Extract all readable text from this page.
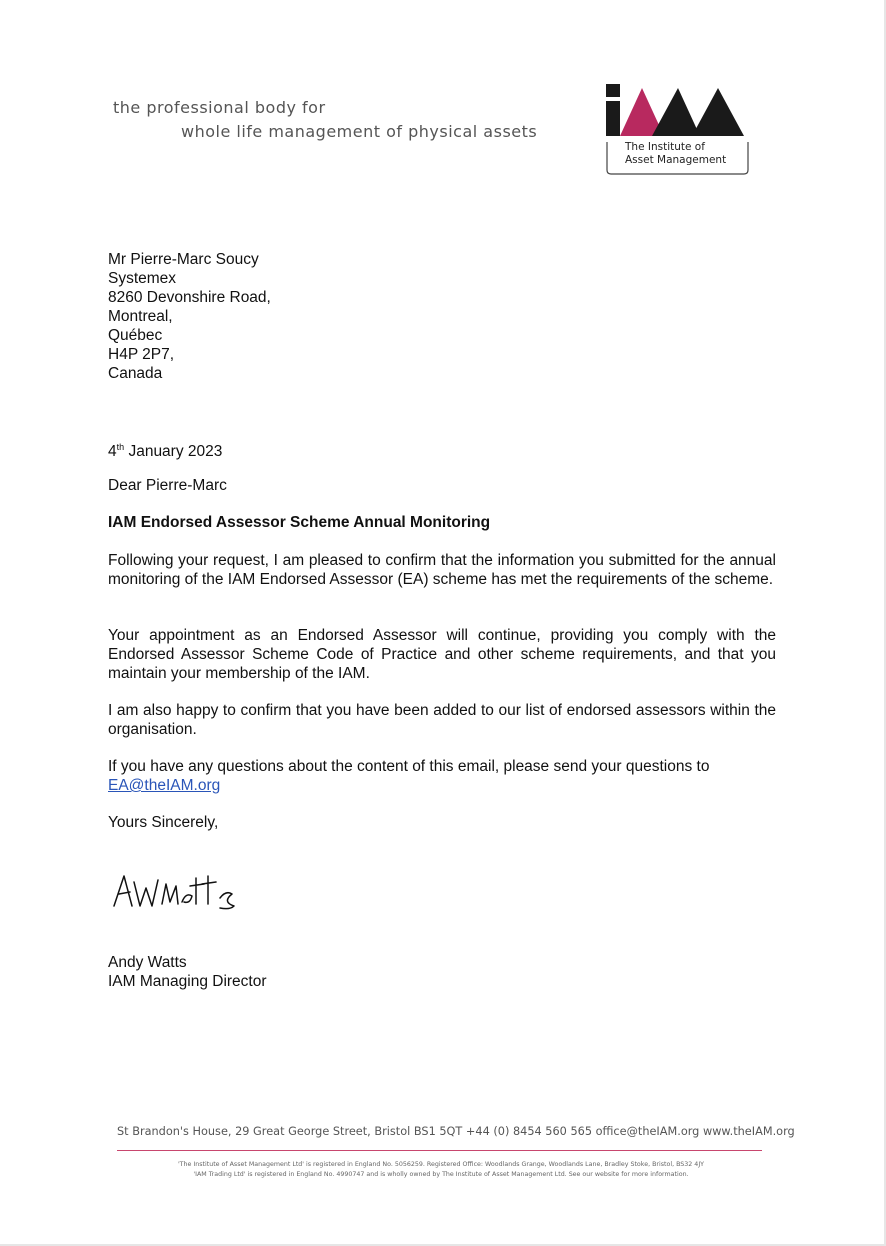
the professional body for
whole life management of physical assets
The Institute of
Asset Management
Mr Pierre-Marc Soucy
Systemex
8260 Devonshire Road,
Montreal,
Québec
H4P 2P7,
Canada
4th January 2023
Dear Pierre-Marc
IAM Endorsed Assessor Scheme Annual Monitoring
Following your request, I am pleased to confirm that the information you submitted for the annual monitoring of the IAM Endorsed Assessor (EA) scheme has met the requirements of the scheme.
Your appointment as an Endorsed Assessor will continue, providing you comply with the Endorsed Assessor Scheme Code of Practice and other scheme requirements, and that you maintain your membership of the IAM.
I am also happy to confirm that you have been added to our list of endorsed assessors within the organisation.
If you have any questions about the content of this email, please send your questions to
EA@theIAM.org
Yours Sincerely,
Andy Watts
IAM Managing Director
St Brandon's House, 29 Great George Street, Bristol BS1 5QT +44 (0) 8454 560 565 office@theIAM.org www.theIAM.org
'The Institute of Asset Management Ltd' is registered in England No. 5056259. Registered Office: Woodlands Grange, Woodlands Lane, Bradley Stoke, Bristol, BS32 4JY
'IAM Trading Ltd' is registered in England No. 4990747 and is wholly owned by The Institute of Asset Management Ltd. See our website for more information.
